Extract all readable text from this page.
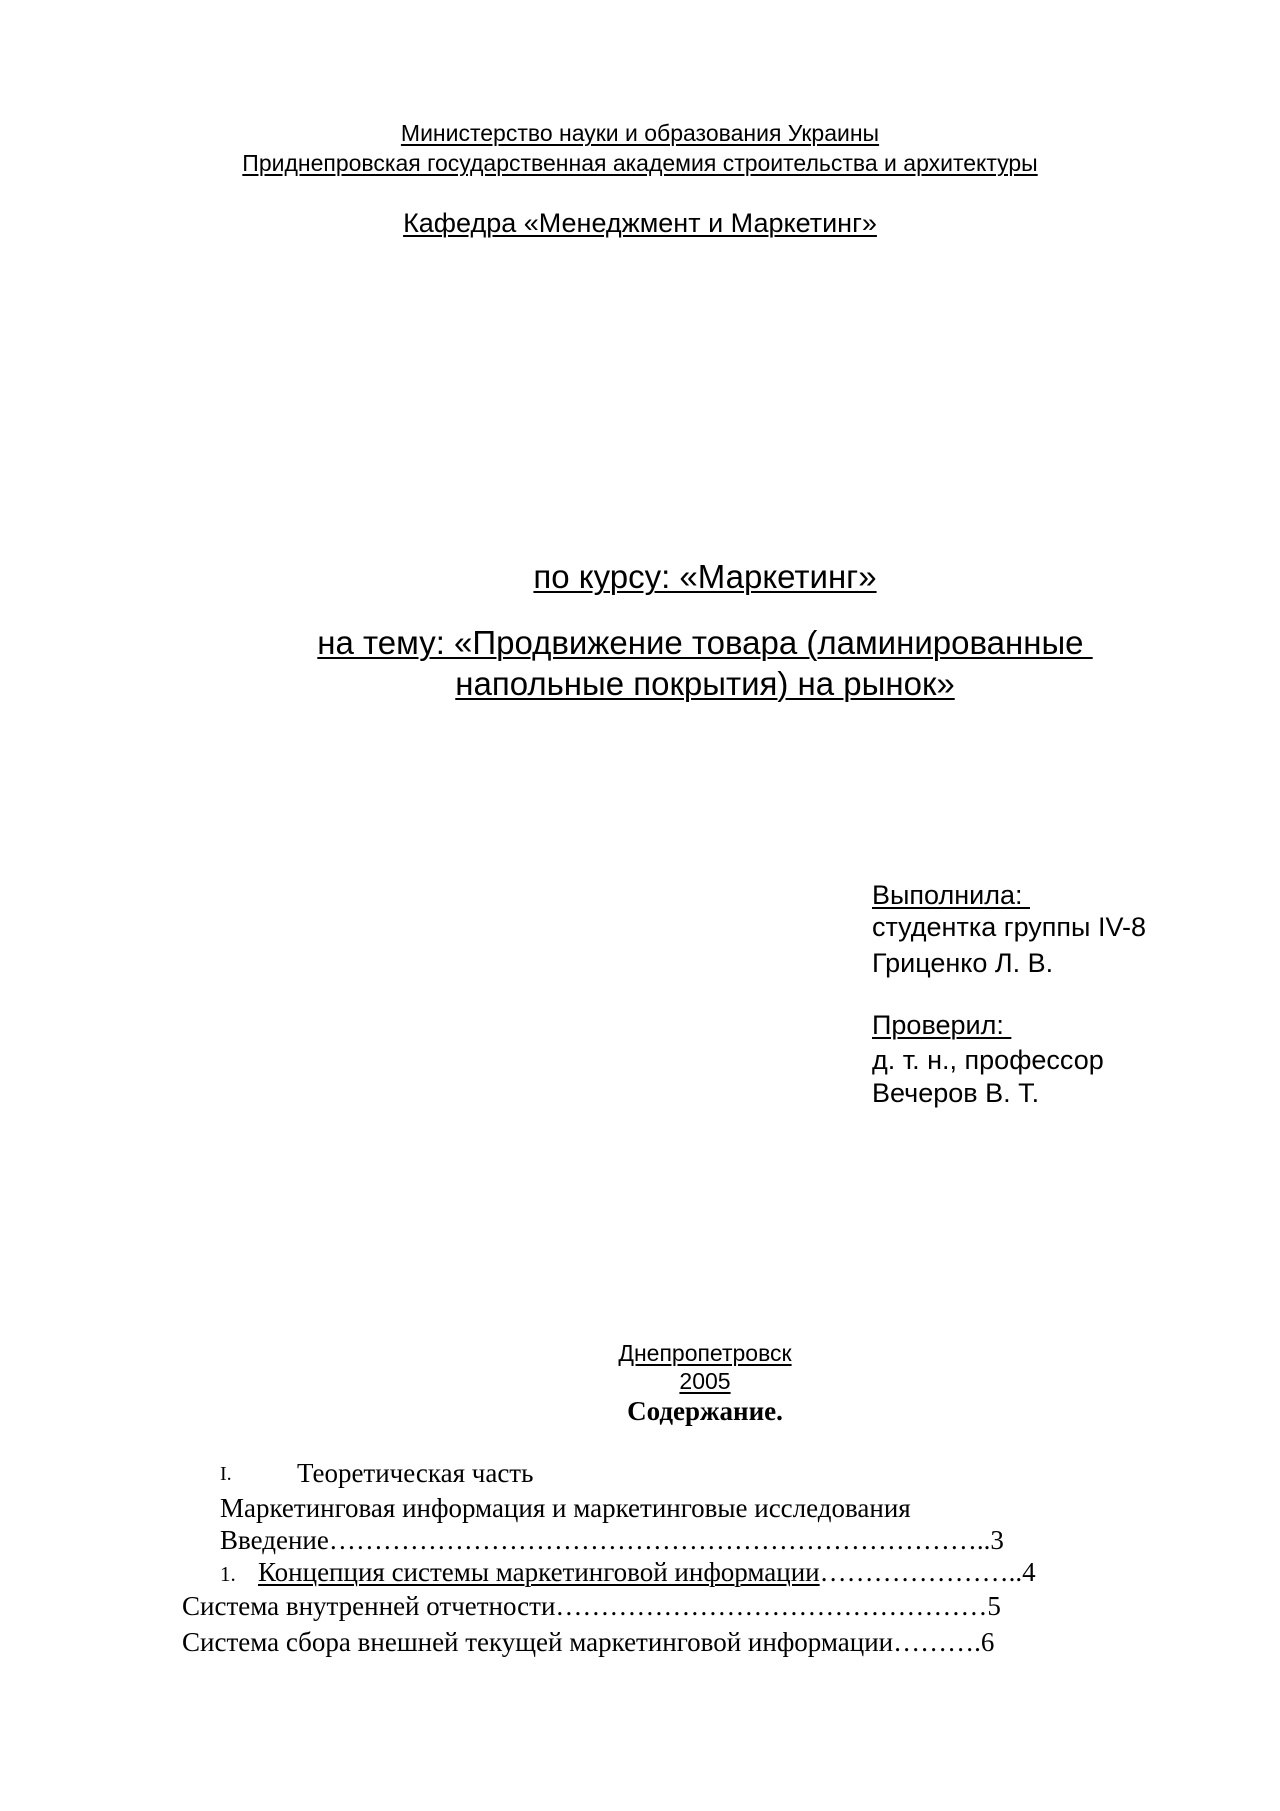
Министерство науки и образования Украины
Приднепровская государственная академия строительства и архитектуры
Кафедра «Менеджмент и Маркетинг»
по курсу: «Маркетинг»
на тему: «Продвижение товара (ламинированные
напольные покрытия) на рынок»
Выполнила:
студентка группы IV-8
Гриценко Л. В.
Проверил:
д. т. н., профессор
Вечеров В. Т.
Днепропетровск
2005
Содержание.
I. Теоретическая часть
Маркетинговая информация и маркетинговые исследования
Введение………………………………………………………………..3
1. Концепция системы маркетинговой информации…………………..4
Система внутренней отчетности…………………………………………5
Система сбора внешней текущей маркетинговой информации……….6
